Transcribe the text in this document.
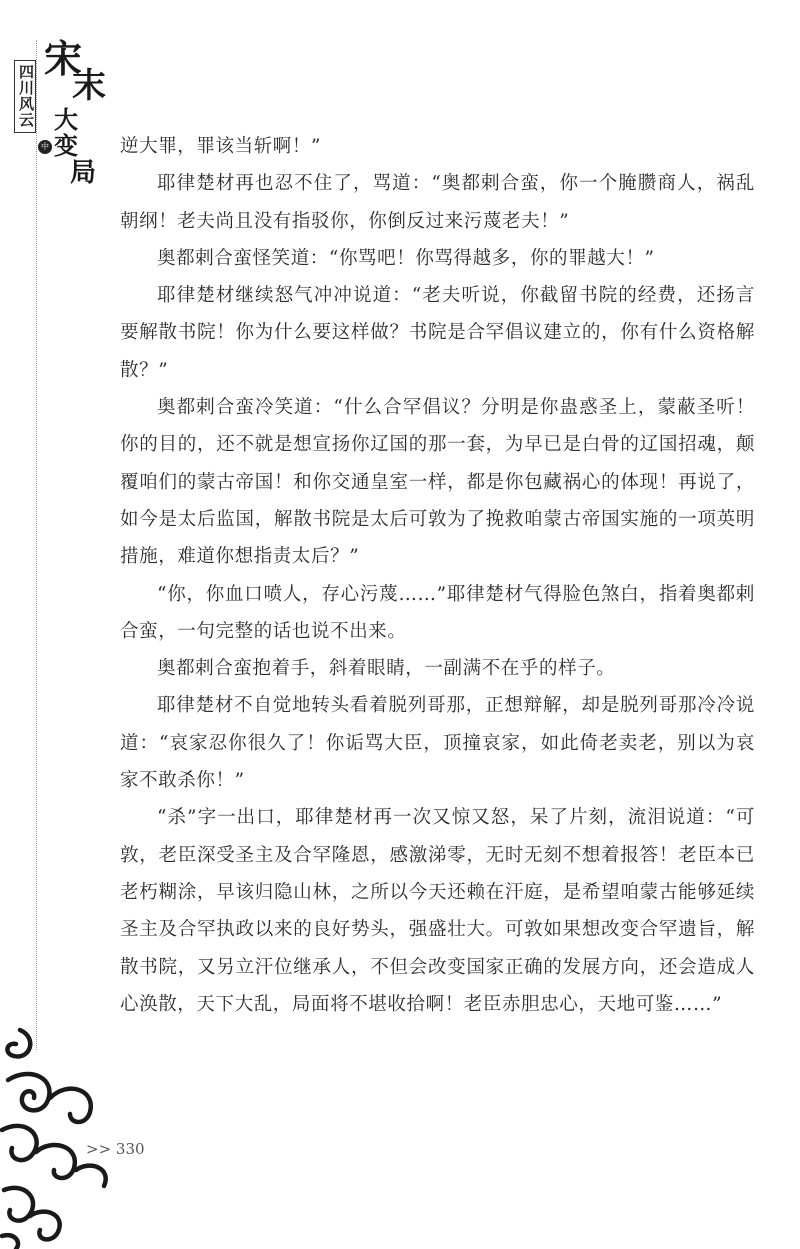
四川风云
宋
末
大
变
局
中册

逆大罪，罪该当斩啊！”

耶律楚材再也忍不住了，骂道：“奥都剌合蛮，你一个腌臜商人，祸乱朝纲！老夫尚且没有指驳你，你倒反过来污蔑老夫！”

奥都剌合蛮怪笑道：“你骂吧！你骂得越多，你的罪越大！”

耶律楚材继续怒气冲冲说道：“老夫听说，你截留书院的经费，还扬言要解散书院！你为什么要这样做？书院是合罕倡议建立的，你有什么资格解散？”

奥都剌合蛮冷笑道：“什么合罕倡议？分明是你蛊惑圣上，蒙蔽圣听！你的目的，还不就是想宣扬你辽国的那一套，为早已是白骨的辽国招魂，颠覆咱们的蒙古帝国！和你交通皇室一样，都是你包藏祸心的体现！再说了，如今是太后监国，解散书院是太后可敦为了挽救咱蒙古帝国实施的一项英明措施，难道你想指责太后？”

“你，你血口喷人，存心污蔑……”耶律楚材气得脸色煞白，指着奥都剌合蛮，一句完整的话也说不出来。

奥都剌合蛮抱着手，斜着眼睛，一副满不在乎的样子。

耶律楚材不自觉地转头看着脱列哥那，正想辩解，却是脱列哥那冷冷说道：“哀家忍你很久了！你诟骂大臣，顶撞哀家，如此倚老卖老，别以为哀家不敢杀你！”

“杀”字一出口，耶律楚材再一次又惊又怒，呆了片刻，流泪说道：“可敦，老臣深受圣主及合罕隆恩，感激涕零，无时无刻不想着报答！老臣本已老朽糊涂，早该归隐山林，之所以今天还赖在汗庭，是希望咱蒙古能够延续圣主及合罕执政以来的良好势头，强盛壮大。可敦如果想改变合罕遗旨，解散书院，又另立汗位继承人，不但会改变国家正确的发展方向，还会造成人心涣散，天下大乱，局面将不堪收拾啊！老臣赤胆忠心，天地可鉴……”

>> 330
